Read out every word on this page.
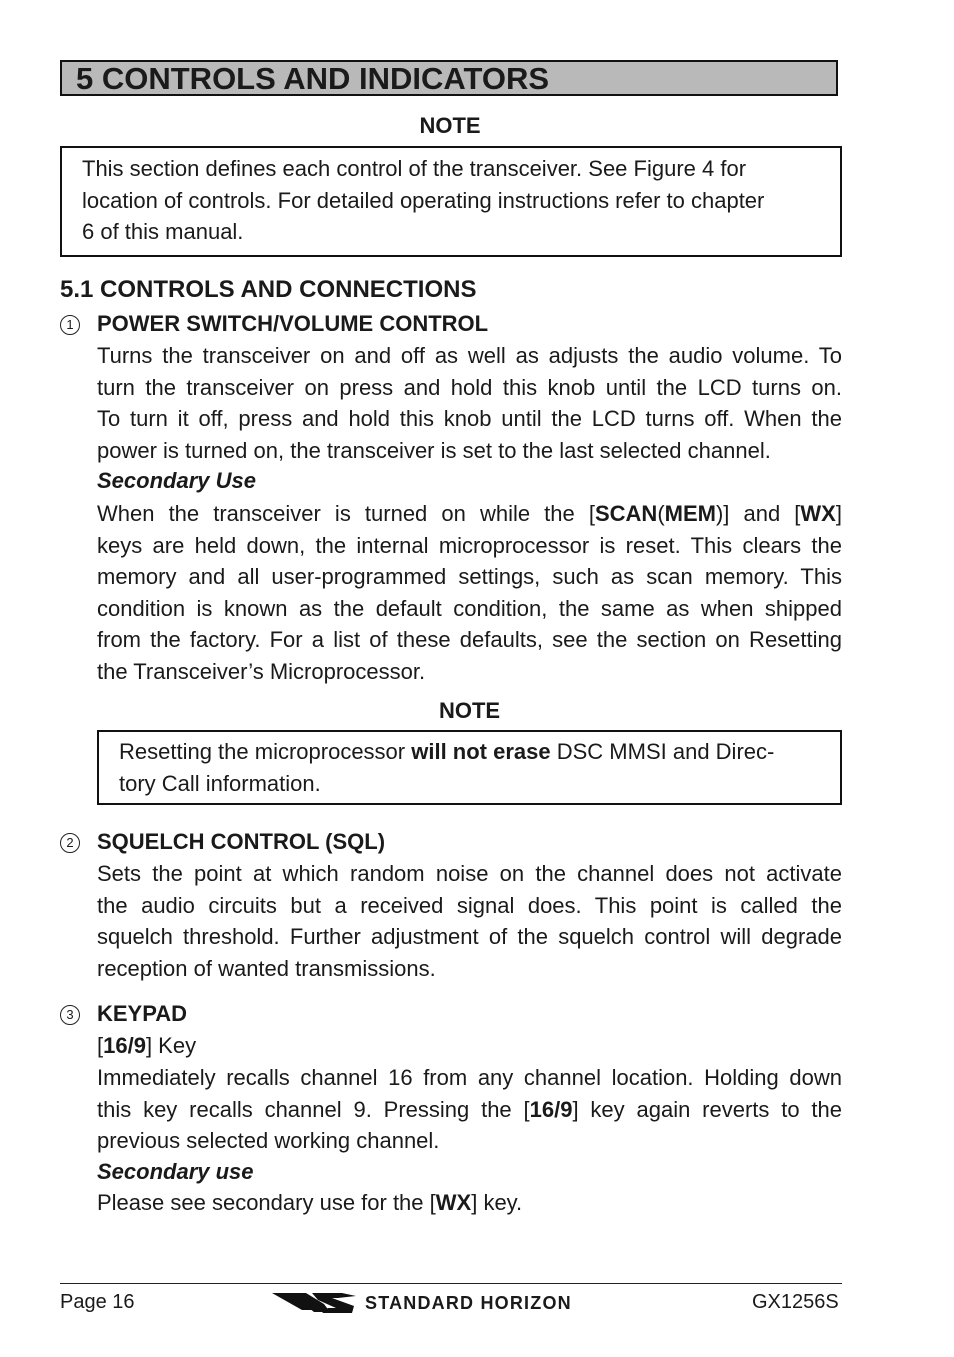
5 CONTROLS AND INDICATORS
NOTE
This section defines each control of the transceiver. See Figure 4 for
location of controls. For detailed operating instructions refer to chapter
6 of this manual.
5.1 CONTROLS AND CONNECTIONS
1 POWER SWITCH/VOLUME CONTROL
Turns the transceiver on and off as well as adjusts the audio volume. To
turn the transceiver on press and hold this knob until the LCD turns on.
To turn it off, press and hold this knob until the LCD turns off. When the
power is turned on, the transceiver is set to the last selected channel.
Secondary Use
When the transceiver is turned on while the [SCAN(MEM)] and [WX]
keys are held down, the internal microprocessor is reset. This clears the
memory and all user-programmed settings, such as scan memory. This
condition is known as the default condition, the same as when shipped
from the factory. For a list of these defaults, see the section on Resetting
the Transceiver’s Microprocessor.
NOTE
Resetting the microprocessor will not erase DSC MMSI and Direc-
tory Call information.
2 SQUELCH CONTROL (SQL)
Sets the point at which random noise on the channel does not activate
the audio circuits but a received signal does. This point is called the
squelch threshold. Further adjustment of the squelch control will degrade
reception of wanted transmissions.
3 KEYPAD
[16/9] Key
Immediately recalls channel 16 from any channel location. Holding down
this key recalls channel 9. Pressing the [16/9] key again reverts to the
previous selected working channel.
Secondary use
Please see secondary use for the [WX] key.
Page 16	STANDARD HORIZON	GX1256S
